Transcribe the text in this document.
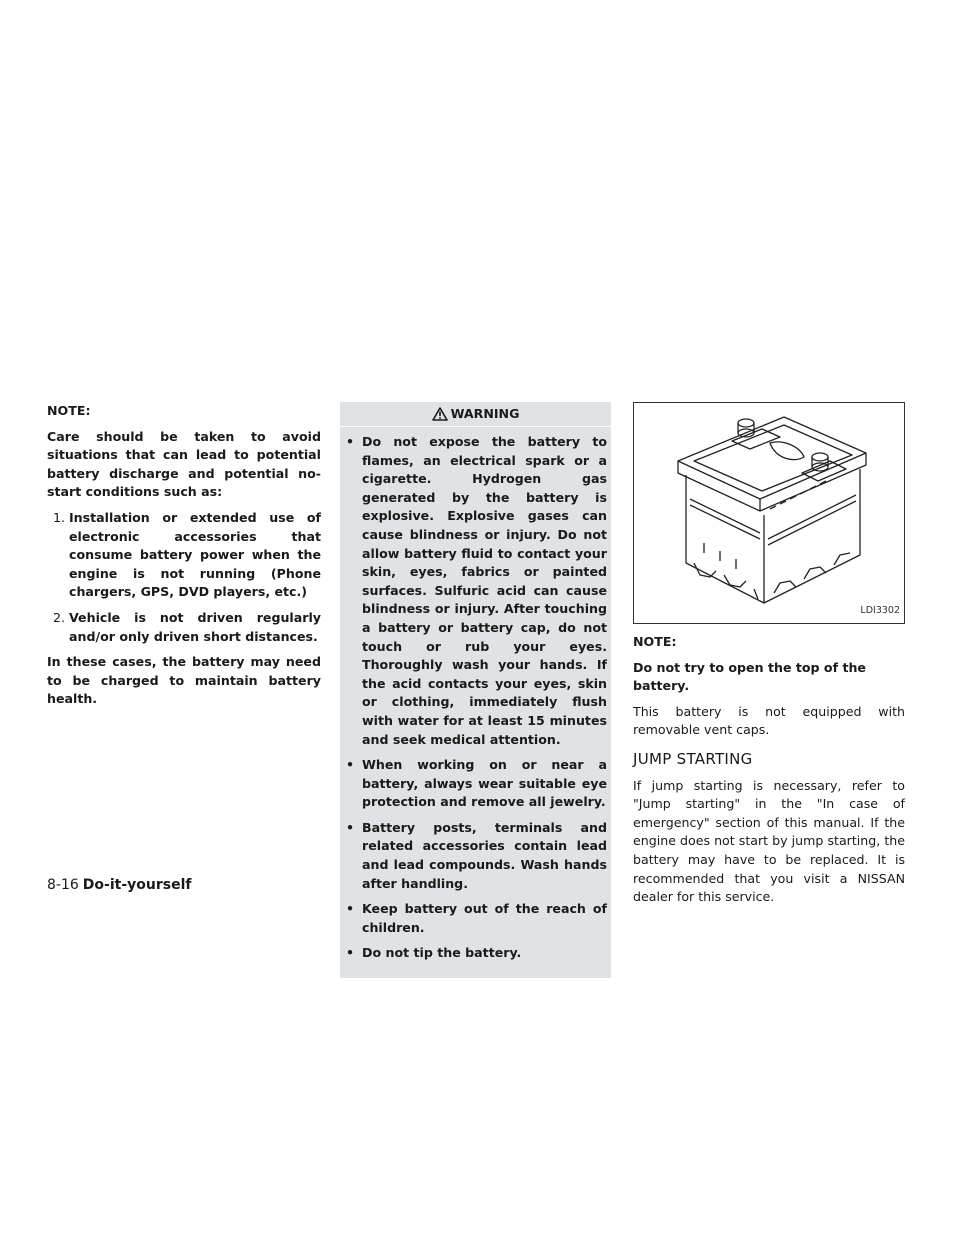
NOTE:

Care should be taken to avoid situations that can lead to potential battery discharge and potential no-start conditions such as:

1. Installation or extended use of electronic accessories that consume battery power when the engine is not running (Phone chargers, GPS, DVD players, etc.)
2. Vehicle is not driven regularly and/or only driven short distances.

In these cases, the battery may need to be charged to maintain battery health.

WARNING
• Do not expose the battery to flames, an electrical spark or a cigarette. Hydrogen gas generated by the battery is explosive. Explosive gases can cause blindness or injury. Do not allow battery fluid to contact your skin, eyes, fabrics or painted surfaces. Sulfuric acid can cause blindness or injury. After touching a battery or battery cap, do not touch or rub your eyes. Thoroughly wash your hands. If the acid contacts your eyes, skin or clothing, immediately flush with water for at least 15 minutes and seek medical attention.
• When working on or near a battery, always wear suitable eye protection and remove all jewelry.
• Battery posts, terminals and related accessories contain lead and lead compounds. Wash hands after handling.
• Keep battery out of the reach of children.
• Do not tip the battery.
LDI3302

NOTE:

Do not try to open the top of the battery.

This battery is not equipped with removable vent caps.

JUMP STARTING

If jump starting is necessary, refer to "Jump starting" in the "In case of emergency" section of this manual. If the engine does not start by jump starting, the battery may have to be replaced. It is recommended that you visit a NISSAN dealer for this service.

8-16 Do-it-yourself
